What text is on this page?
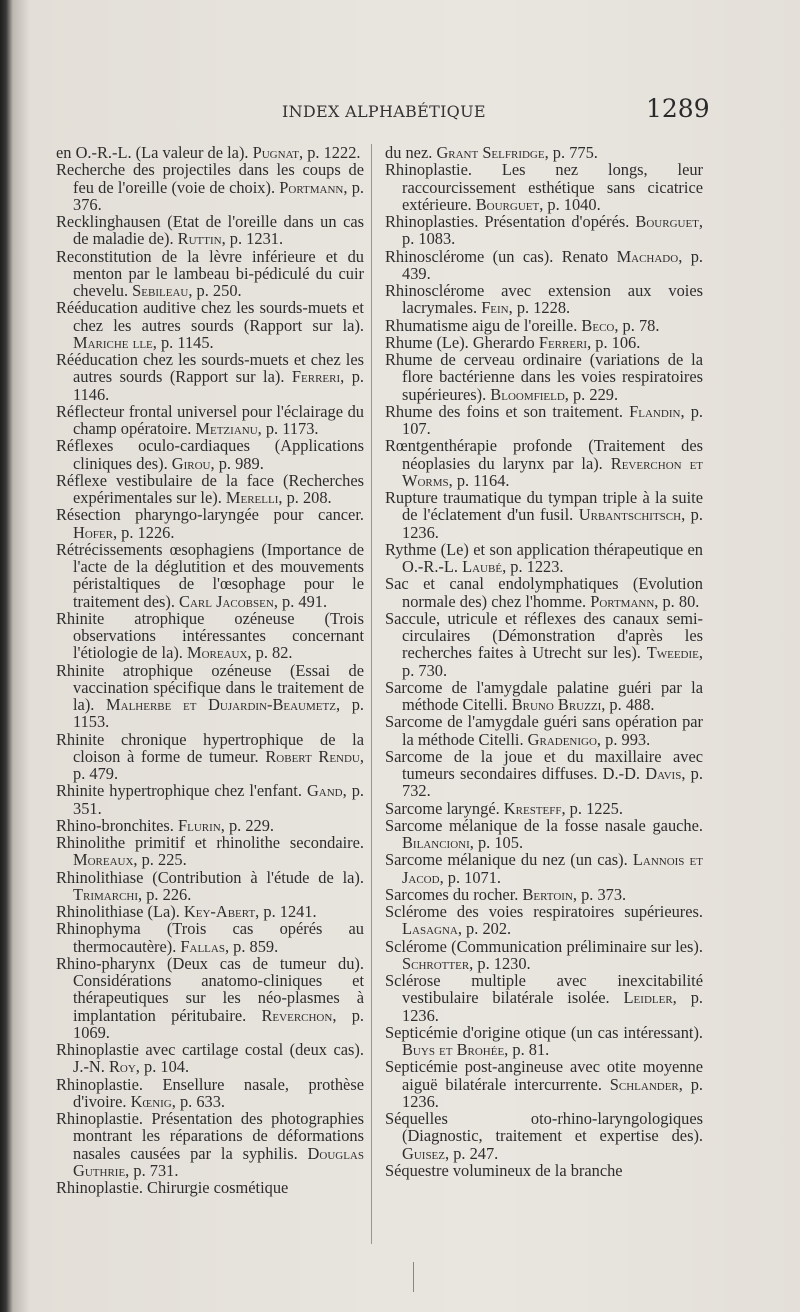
INDEX ALPHABÉTIQUE	1289

en O.-R.-L. (La valeur de la). Pugnat, p. 1222.

Recherche des projectiles dans les coups de feu de l'oreille (voie de choix). Portmann, p. 376.

Recklinghausen (Etat de l'oreille dans un cas de maladie de). Ruttin, p. 1231.

Reconstitution de la lèvre inférieure et du menton par le lambeau bi-pédiculé du cuir chevelu. Sebileau, p. 250.

Rééducation auditive chez les sourds-muets et chez les autres sourds (Rapport sur la). Mariche lle, p. 1145.

Rééducation chez les sourds-muets et chez les autres sourds (Rapport sur la). Ferreri, p. 1146.

Réflecteur frontal universel pour l'éclairage du champ opératoire. Metzianu, p. 1173.

Réflexes oculo-cardiaques (Applications cliniques des). Girou, p. 989.

Réflexe vestibulaire de la face (Recherches expérimentales sur le). Merelli, p. 208.

Résection pharyngo-laryngée pour cancer. Hofer, p. 1226.

Rétrécissements œsophagiens (Importance de l'acte de la déglutition et des mouvements péristaltiques de l'œsophage pour le traitement des). Carl Jacobsen, p. 491.

Rhinite atrophique ozéneuse (Trois observations intéressantes concernant l'étiologie de la). Moreaux, p. 82.

Rhinite atrophique ozéneuse (Essai de vaccination spécifique dans le traitement de la). Malherbe et Dujardin-Beaumetz, p. 1153.

Rhinite chronique hypertrophique de la cloison à forme de tumeur. Robert Rendu, p. 479.

Rhinite hypertrophique chez l'enfant. Gand, p. 351.

Rhino-bronchites. Flurin, p. 229.

Rhinolithe primitif et rhinolithe secondaire. Moreaux, p. 225.

Rhinolithiase (Contribution à l'étude de la). Trimarchi, p. 226.

Rhinolithiase (La). Key-Abert, p. 1241.

Rhinophyma (Trois cas opérés au thermocautère). Fallas, p. 859.

Rhino-pharynx (Deux cas de tumeur du). Considérations anatomo-cliniques et thérapeutiques sur les néo-plasmes à implantation péritubaire. Reverchon, p. 1069.

Rhinoplastie avec cartilage costal (deux cas). J.-N. Roy, p. 104.

Rhinoplastie. Ensellure nasale, prothèse d'ivoire. Kœnig, p. 633.

Rhinoplastie. Présentation des photographies montrant les réparations de déformations nasales causées par la syphilis. Douglas Guthrie, p. 731.

Rhinoplastie. Chirurgie cosmétique

du nez. Grant Selfridge, p. 775.

Rhinoplastie. Les nez longs, leur raccourcissement esthétique sans cicatrice extérieure. Bourguet, p. 1040.

Rhinoplasties. Présentation d'opérés. Bourguet, p. 1083.

Rhinosclérome (un cas). Renato Machado, p. 439.

Rhinosclérome avec extension aux voies lacrymales. Fein, p. 1228.

Rhumatisme aigu de l'oreille. Beco, p. 78.

Rhume (Le). Gherardo Ferreri, p. 106.

Rhume de cerveau ordinaire (variations de la flore bactérienne dans les voies respiratoires supérieures). Bloomfield, p. 229.

Rhume des foins et son traitement. Flandin, p. 107.

Rœntgenthérapie profonde (Traitement des néoplasies du larynx par la). Reverchon et Worms, p. 1164.

Rupture traumatique du tympan triple à la suite de l'éclatement d'un fusil. Urbantschitsch, p. 1236.

Rythme (Le) et son application thérapeutique en O.-R.-L. Laubé, p. 1223.

Sac et canal endolymphatiques (Evolution normale des) chez l'homme. Portmann, p. 80.

Saccule, utricule et réflexes des canaux semi-circulaires (Démonstration d'après les recherches faites à Utrecht sur les). Tweedie, p. 730.

Sarcome de l'amygdale palatine guéri par la méthode Citelli. Bruno Bruzzi, p. 488.

Sarcome de l'amygdale guéri sans opération par la méthode Citelli. Gradenigo, p. 993.

Sarcome de la joue et du maxillaire avec tumeurs secondaires diffuses. D.-D. Davis, p. 732.

Sarcome laryngé. Kresteff, p. 1225.

Sarcome mélanique de la fosse nasale gauche. Bilancioni, p. 105.

Sarcome mélanique du nez (un cas). Lannois et Jacod, p. 1071.

Sarcomes du rocher. Bertoin, p. 373.

Sclérome des voies respiratoires supérieures. Lasagna, p. 202.

Sclérome (Communication préliminaire sur les). Schrotter, p. 1230.

Sclérose multiple avec inexcitabilité vestibulaire bilatérale isolée. Leidler, p. 1236.

Septicémie d'origine otique (un cas intéressant). Buys et Brohée, p. 81.

Septicémie post-angineuse avec otite moyenne aiguë bilatérale intercurrente. Schlander, p. 1236.

Séquelles oto-rhino-laryngologiques (Diagnostic, traitement et expertise des). Guisez, p. 247.

Séquestre volumineux de la branche
